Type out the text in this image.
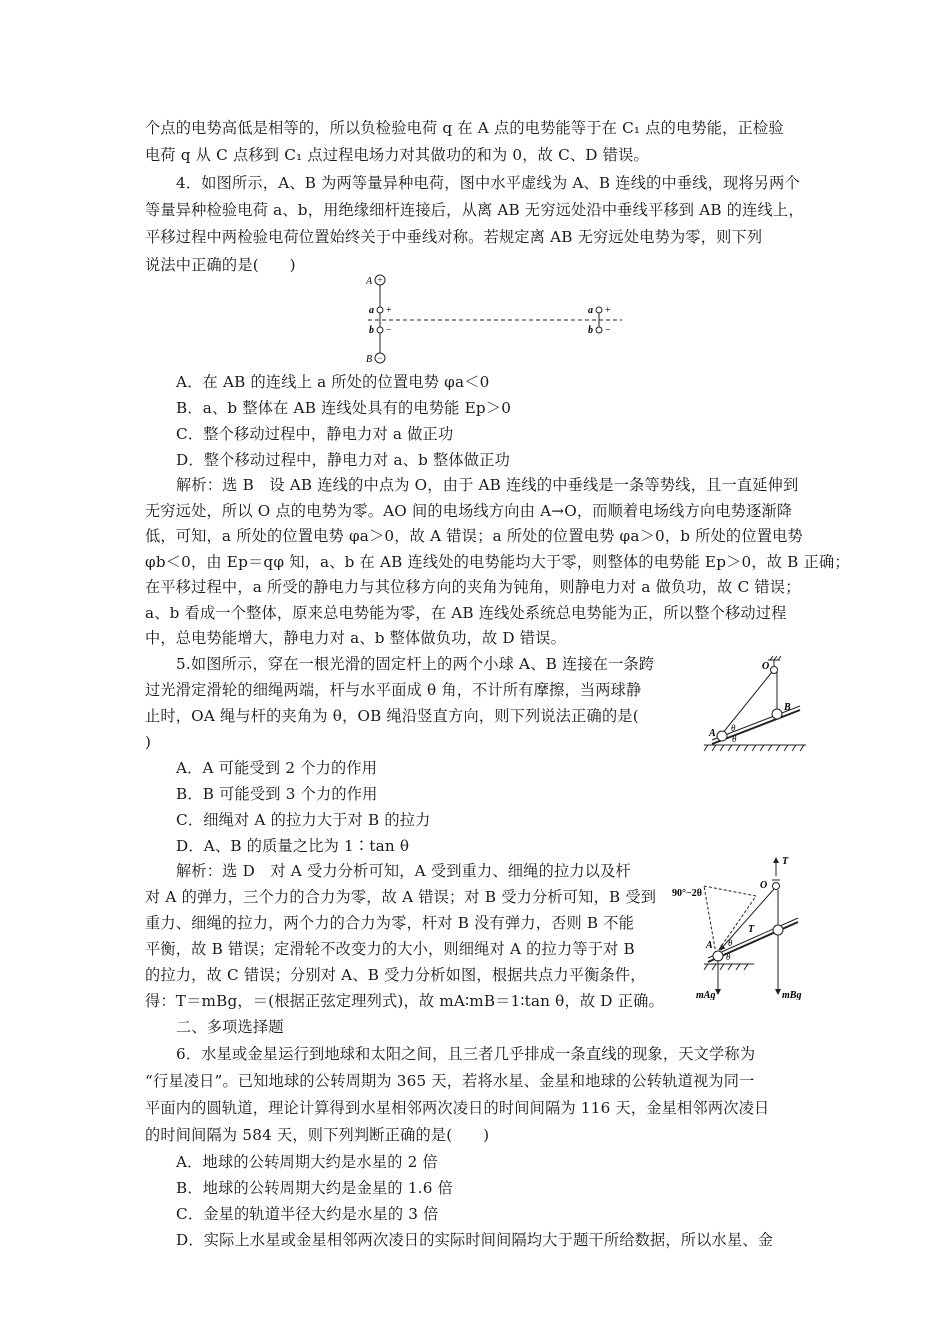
个点的电势高低是相等的，所以负检验电荷 q 在 A 点的电势能等于在 C₁ 点的电势能，正检验
电荷 q 从 C 点移到 C₁ 点过程电场力对其做功的和为 0，故 C、D 错误。
4．如图所示，A、B 为两等量异种电荷，图中水平虚线为 A、B 连线的中垂线，现将另两个
等量异种检验电荷 a、b，用绝缘细杆连接后，从离 AB 无穷远处沿中垂线平移到 AB 的连线上，
平移过程中两检验电荷位置始终关于中垂线对称。若规定离 AB 无穷远处电势为零，则下列
说法中正确的是(　　)
A．在 AB 的连线上 a 所处的位置电势 φa＜0
B．a、b 整体在 AB 连线处具有的电势能 Ep＞0
C．整个移动过程中，静电力对 a 做正功
D．整个移动过程中，静电力对 a、b 整体做正功
解析：选 B　设 AB 连线的中点为 O，由于 AB 连线的中垂线是一条等势线，且一直延伸到
无穷远处，所以 O 点的电势为零。AO 间的电场线方向由 A→O，而顺着电场线方向电势逐渐降
低，可知，a 所处的位置电势 φa＞0，故 A 错误；a 所处的位置电势 φa＞0，b 所处的位置电势
φb＜0，由 Ep＝qφ 知，a、b 在 AB 连线处的电势能均大于零，则整体的电势能 Ep＞0，故 B 正确；
在平移过程中，a 所受的静电力与其位移方向的夹角为钝角，则静电力对 a 做负功，故 C 错误；
a、b 看成一个整体，原来总电势能为零，在 AB 连线处系统总电势能为正，所以整个移动过程
中，总电势能增大，静电力对 a、b 整体做负功，故 D 错误。
5.如图所示，穿在一根光滑的固定杆上的两个小球 A、B 连接在一条跨
过光滑定滑轮的细绳两端，杆与水平面成 θ 角，不计所有摩擦，当两球静
止时，OA 绳与杆的夹角为 θ，OB 绳沿竖直方向，则下列说法正确的是(
)
A．A 可能受到 2 个力的作用
B．B 可能受到 3 个力的作用
C．细绳对 A 的拉力大于对 B 的拉力
D．A、B 的质量之比为 1∶tan θ
解析：选 D　对 A 受力分析可知，A 受到重力、细绳的拉力以及杆
对 A 的弹力，三个力的合力为零，故 A 错误；对 B 受力分析可知，B 受到
重力、细绳的拉力，两个力的合力为零，杆对 B 没有弹力，否则 B 不能
平衡，故 B 错误；定滑轮不改变力的大小，则细绳对 A 的拉力等于对 B
的拉力，故 C 错误；分别对 A、B 受力分析如图，根据共点力平衡条件，
得：T＝mBg，＝(根据正弦定理列式)，故 mA∶mB＝1∶tan θ，故 D 正确。
二、多项选择题
6．水星或金星运行到地球和太阳之间，且三者几乎排成一条直线的现象，天文学称为
“行星凌日”。已知地球的公转周期为 365 天，若将水星、金星和地球的公转轨道视为同一
平面内的圆轨道，理论计算得到水星相邻两次凌日的时间间隔为 116 天，金星相邻两次凌日
的时间间隔为 584 天，则下列判断正确的是(　　)
A．地球的公转周期大约是水星的 2 倍
B．地球的公转周期大约是金星的 1.6 倍
C．金星的轨道半径大约是水星的 3 倍
D．实际上水星或金星相邻两次凌日的实际时间间隔均大于题干所给数据，所以水星、金
+
−
A
B
a +
b −
a +
b −
O
B
A θ
θ
T
O
T
90°−2θ
A θ
θ
mAg	mBg
